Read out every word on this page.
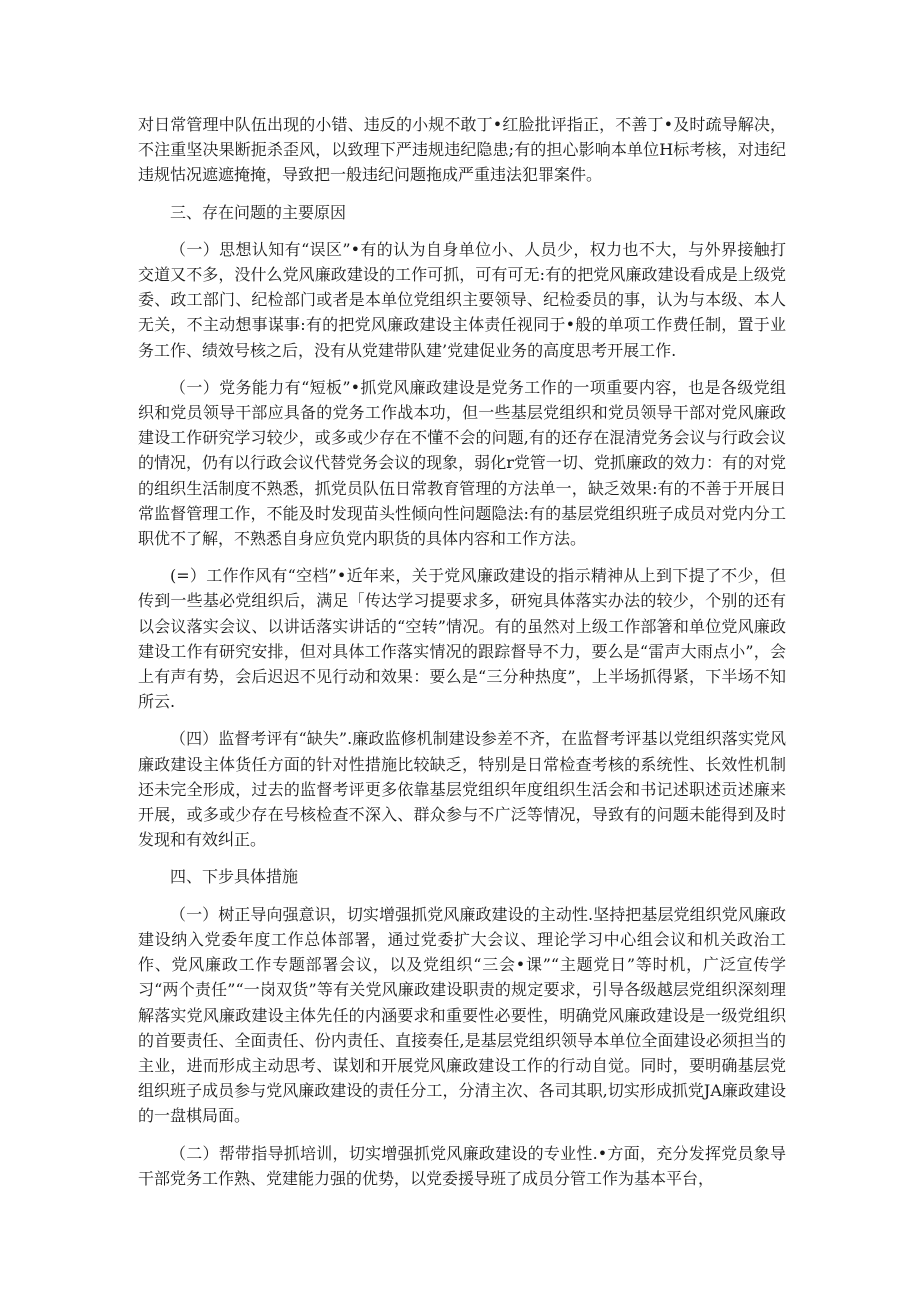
对日常管理中队伍出现的小错、违反的小规不敢丁•红脸批评指正，不善丁•及时疏导解决，不注重坚决果断扼杀歪风，以致理下严违规违纪隐患;有的担心影响本单位H标考核，对违纪违规怙况遮遮掩掩，导致把一般违纪问题拖成严重违法犯罪案件。

三、存在问题的主要原因

（一）思想认知有“误区”•有的认为自身单位小、人员少，权力也不大，与外界接触打交道又不多，没什么党风廉政建设的工作可抓，可有可无:有的把党风廉政建设看成是上级党委、政工部门、纪检部门或者是本单位党组织主要领导、纪检委员的事，认为与本级、本人无关，不主动想事谋事:有的把党风廉政建设主体责任视同于•般的单项工作费任制，置于业务工作、绩效号核之后，没有从党建带队建’党建促业务的高度思考开展工作.

（一）党务能力有“短板”•抓党风廉政建设是党务工作的一项重要内容，也是各级党组织和党员领导干部应具备的党务工作战本功，但一些基层党组织和党员领导干部对党风廉政建设工作研究学习较少，或多或少存在不懂不会的问题,有的还存在混清党务会议与行政会议的情况，仍有以行政会议代替党务会议的现象，弱化r党管一切、党抓廉政的效力：有的对党的组织生活制度不熟悉，抓党员队伍日常教育管理的方法单一，缺乏效果:有的不善于开展日常监督管理工作，不能及时发现苗头性倾向性问题隐法:有的基层党组织班子成员对党内分工职优不了解，不熟悉自身应负党内职货的具体内容和工作方法。

(=）工作作风有“空档”•近年来，关于党风廉政建设的指示精神从上到下提了不少，但传到一些基必党组织后，满足「传达学习提要求多，研宛具体落实办法的较少，个别的还有以会议落实会议、以讲话落实讲话的“空转”情况。有的虽然对上级工作部箸和单位党风廉政建设工作有研究安排，但对具体工作落实情况的跟踪督导不力，要么是“雷声大雨点小”，会上有声有势，会后迟迟不见行动和效果：要么是“三分种热度”，上半场抓得紧，下半场不知所云.

（四）监督考评有“缺失”.廉政监修机制建设参差不齐，在监督考评基以党组织落实党风廉政建设主体货任方面的针对性措施比较缺乏，特别是日常检查考核的系统性、长效性机制还未完全形成，过去的监督考评更多依靠基层党组织年度组织生活会和书记述职述贡述廉来开展，或多或少存在号核检查不深入、群众参与不广泛等情况，导致有的问题未能得到及时发现和有效纠正。

四、下步具体措施

（一）树正导向强意识，切实增强抓党风廉政建设的主动性.坚持把基层党组织党风廉政建设纳入党委年度工作总体部署，通过党委扩大会议、理论学习中心组会议和机关政治工作、党风廉政工作专题部署会议，以及党组织“三会•课”“主题党日”等时机，广泛宣传学习“两个责任”“一岗双货”等有关党风廉政建设职责的规定要求，引导各级越层党组织深刻理解落实党风廉政建设主体先任的内涵要求和重要性必要性，明确党风廉政建设是一级党组织的首要责任、全面责任、份内责任、直接奏任,是基层党组织领导本单位全面建设必须担当的主业，进而形成主动思考、谋划和开展党风廉政建设工作的行动自觉。同时，要明确基层党组织班子成员参与党风廉政建设的责任分工，分清主次、各司其职,切实形成抓党JA廉政建设的一盘棋局面。

（二）帮带指导抓培训，切实增强抓党风廉政建设的专业性.•方面，充分发挥党员象导干部党务工作熟、党建能力强的优势，以党委援导班了成员分管工作为基本平台，
